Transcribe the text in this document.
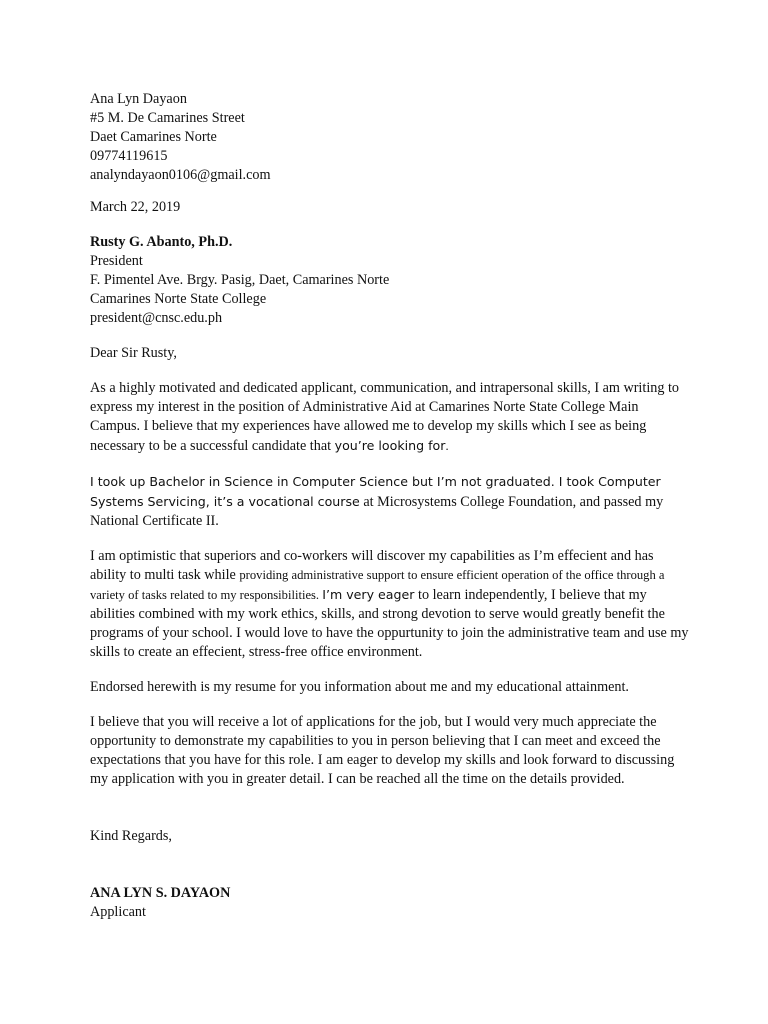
Ana Lyn Dayaon
#5 M. De Camarines Street
Daet Camarines Norte
09774119615
analyndayaon0106@gmail.com
March 22, 2019
Rusty G. Abanto, Ph.D.
President
F. Pimentel Ave. Brgy. Pasig, Daet, Camarines Norte
Camarines Norte State College
president@cnsc.edu.ph
Dear Sir Rusty,

As a highly motivated and dedicated applicant, communication, and intrapersonal skills, I am writing to express my interest in the position of Administrative Aid at Camarines Norte State College Main Campus. I believe that my experiences have allowed me to develop my skills which I see as being necessary to be a successful candidate that you’re looking for.

I took up Bachelor in Science in Computer Science but I’m not graduated. I took Computer Systems Servicing, it’s a vocational course at Microsystems College Foundation, and passed my National Certificate II.

I am optimistic that superiors and co-workers will discover my capabilities as I’m effecient and has ability to multi task while providing administrative support to ensure efficient operation of the office through a variety of tasks related to my responsibilities. I’m very eager to learn independently, I believe that my abilities combined with my work ethics, skills, and strong devotion to serve would greatly benefit the programs of your school. I would love to have the oppurtunity to join the administrative team and use my skills to create an effecient, stress-free office environment.

Endorsed herewith is my resume for you information about me and my educational attainment.

I believe that you will receive a lot of applications for the job, but I would very much appreciate the opportunity to demonstrate my capabilities to you in person believing that I can meet and exceed the expectations that you have for this role. I am eager to develop my skills and look forward to discussing my application with you in greater detail. I can be reached all the time on the details provided.

Kind Regards,
ANA LYN S. DAYAON
Applicant
